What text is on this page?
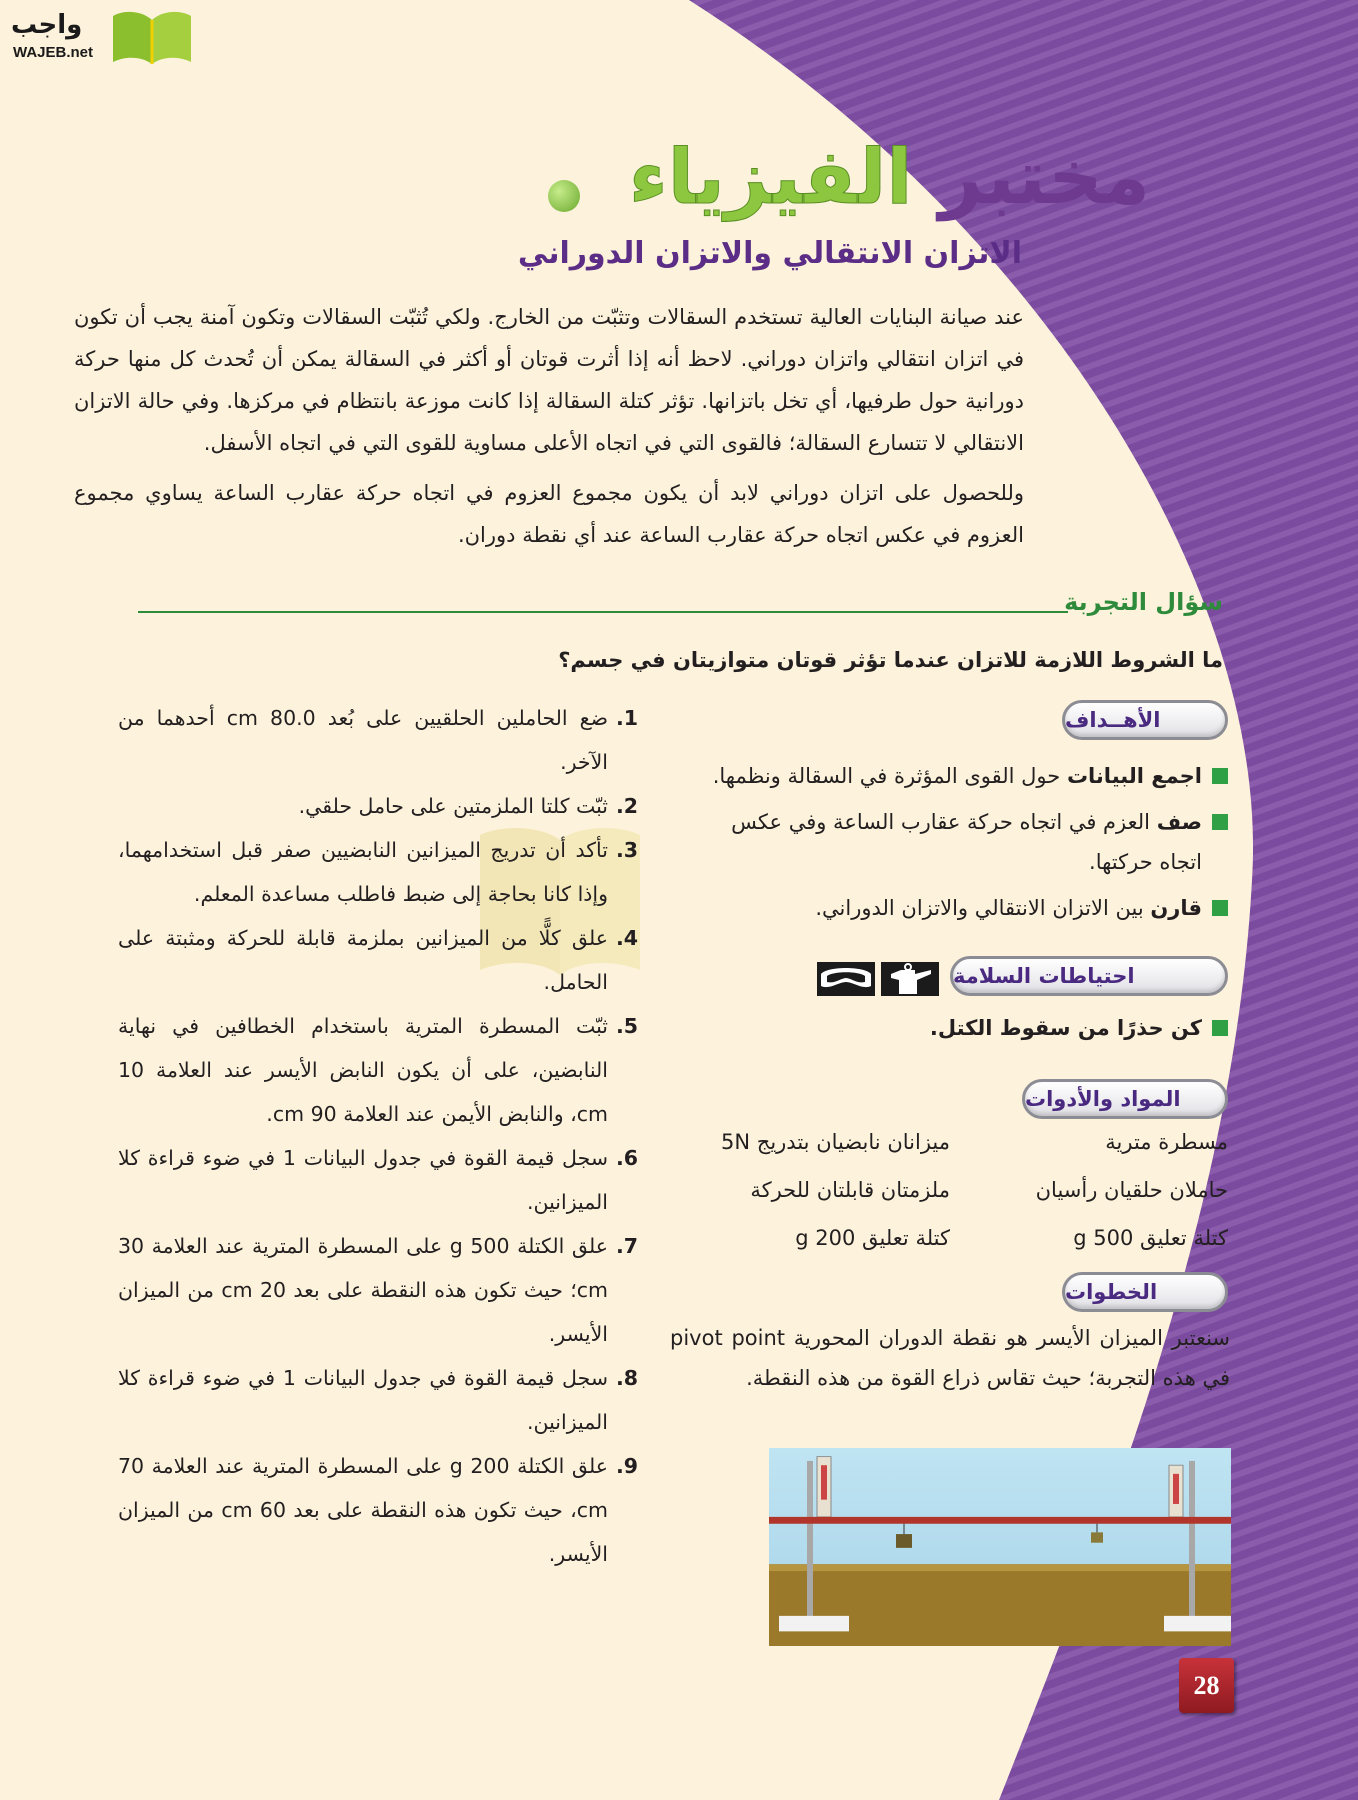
واجب
WAJEB.net
مختبر الفيزياء
الاتزان الانتقالي والاتزان الدوراني
عند صيانة البنايات العالية تستخدم السقالات وتثبّت من الخارج. ولكي تُثبّت السقالات وتكون آمنة يجب أن تكون في اتزان انتقالي واتزان دوراني. لاحظ أنه إذا أثرت قوتان أو أكثر في السقالة يمكن أن تُحدث كل منها حركة دورانية حول طرفيها، أي تخل باتزانها. تؤثر كتلة السقالة إذا كانت موزعة بانتظام في مركزها. وفي حالة الاتزان الانتقالي لا تتسارع السقالة؛ فالقوى التي في اتجاه الأعلى مساوية للقوى التي في اتجاه الأسفل.
وللحصول على اتزان دوراني لابد أن يكون مجموع العزوم في اتجاه حركة عقارب الساعة يساوي مجموع العزوم في عكس اتجاه حركة عقارب الساعة عند أي نقطة دوران.
سؤال التجربة
ما الشروط اللازمة للاتزان عندما تؤثر قوتان متوازيتان في جسم؟
الأهــداف
اجمع البيانات حول القوى المؤثرة في السقالة ونظمها.
صف العزم في اتجاه حركة عقارب الساعة وفي عكس اتجاه حركتها.
قارن بين الاتزان الانتقالي والاتزان الدوراني.
احتياطات السلامة
كن حذرًا من سقوط الكتل.
المواد والأدوات
مسطرة مترية
ميزانان نابضيان بتدريج 5N
حاملان حلقيان رأسيان
ملزمتان قابلتان للحركة
كتلة تعليق 500 g
كتلة تعليق 200 g
الخطوات
سنعتبر الميزان الأيسر هو نقطة الدوران المحورية pivot point في هذه التجربة؛ حيث تقاس ذراع القوة من هذه النقطة.
1.
ضع الحاملين الحلقيين على بُعد 80.0 cm أحدهما من الآخر.
2.
ثبّت كلتا الملزمتين على حامل حلقي.
3.
تأكد أن تدريج الميزانين النابضيين صفر قبل استخدامهما، وإذا كانا بحاجة إلى ضبط فاطلب مساعدة المعلم.
4.
علق كلًّا من الميزانين بملزمة قابلة للحركة ومثبتة على الحامل.
5.
ثبّت المسطرة المترية باستخدام الخطافين في نهاية النابضين، على أن يكون النابض الأيسر عند العلامة 10 cm، والنابض الأيمن عند العلامة 90 cm.
6.
سجل قيمة القوة في جدول البيانات 1 في ضوء قراءة كلا الميزانين.
7.
علق الكتلة 500 g على المسطرة المترية عند العلامة 30 cm؛ حيث تكون هذه النقطة على بعد 20 cm من الميزان الأيسر.
8.
سجل قيمة القوة في جدول البيانات 1 في ضوء قراءة كلا الميزانين.
9.
علق الكتلة 200 g على المسطرة المترية عند العلامة 70 cm، حيث تكون هذه النقطة على بعد 60 cm من الميزان الأيسر.
28
